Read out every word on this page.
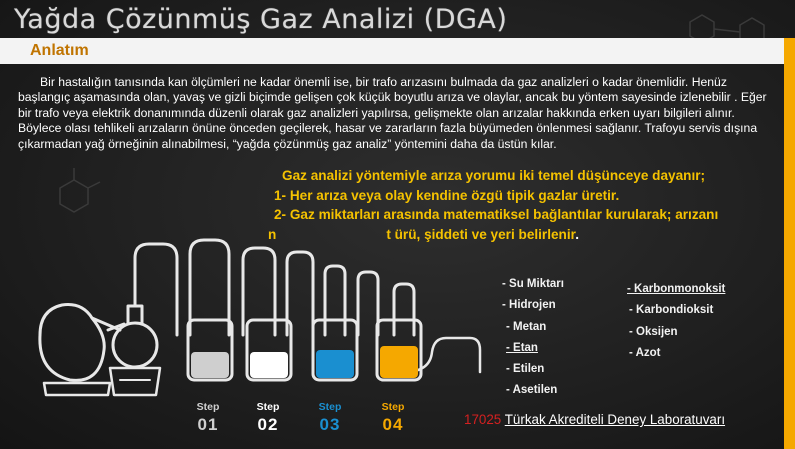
Yağda Çözünmüş Gaz Analizi (DGA)
Anlatım
Bir hastalığın tanısında kan ölçümleri ne kadar önemli ise, bir trafo arızasını bulmada da gaz analizleri o kadar önemlidir. Henüz başlangıç aşamasında olan, yavaş ve gizli biçimde gelişen çok küçük boyutlu arıza ve olaylar, ancak bu yöntem sayesinde izlenebilir . Eğer bir trafo veya elektrik donanımında düzenli olarak gaz analizleri yapılırsa, gelişmekte olan arızalar hakkında erken uyarı bilgileri alınır. Böylece olası tehlikeli arızaların önüne önceden geçilerek, hasar ve zararların fazla büyümeden önlenmesi sağlanır. Trafoyu servis dışına çıkarmadan yağ örneğinin alınabilmesi, “yağda çözünmüş gaz analiz” yöntemini daha da üstün kılar.
Gaz analizi yöntemiyle arıza yorumu iki temel düşünceye dayanır;
1- Her arıza veya olay kendine özgü tipik gazlar üretir.
2- Gaz miktarları arasında matematiksel bağlantılar kurularak; arızanı
n	t ürü, şiddeti ve yeri belirlenir.
- Su Miktarı
- Hidrojen
- Metan
- Etan
- Etilen
- Asetilen
- Karbonmonoksit
- Karbondioksit
- Oksijen
- Azot
Step
01
Step
02
Step
03
Step
04	17025 Türkak Akrediteli Deney Laboratuvarı
